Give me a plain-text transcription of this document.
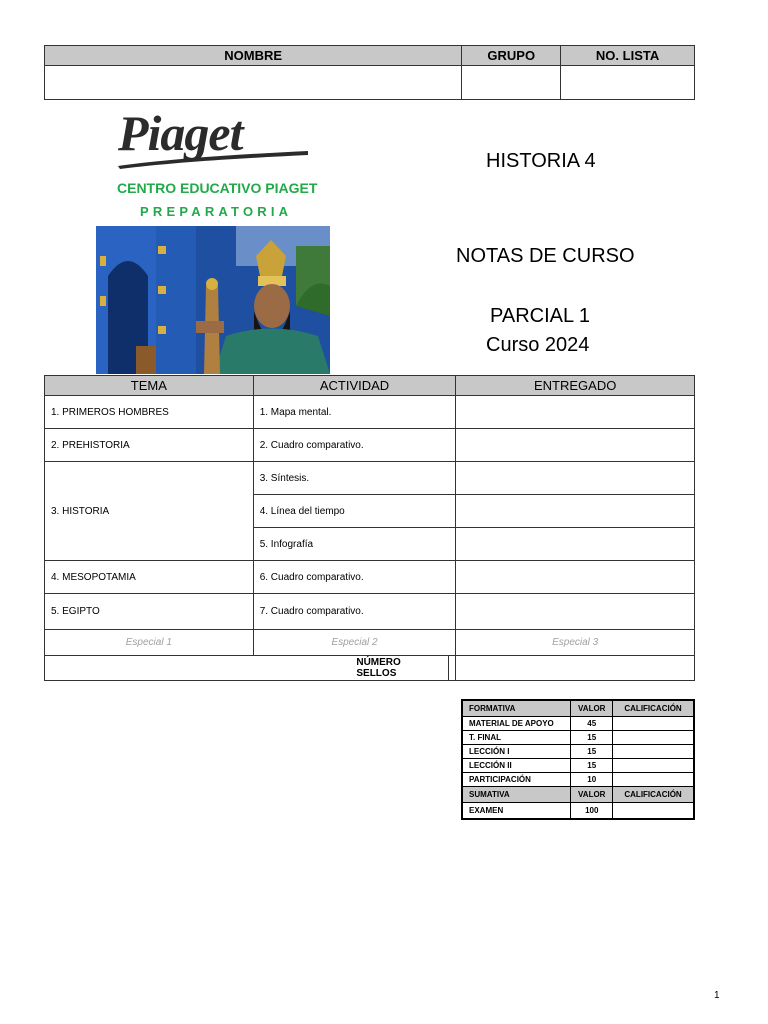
NOMBRE	GRUPO	NO. LISTA

Piaget
CENTRO EDUCATIVO PIAGET
PREPARATORIA
HISTORIA 4
NOTAS DE CURSO
PARCIAL 1
Curso 2024
TEMA	ACTIVIDAD	ENTREGADO
1. PRIMEROS HOMBRES	1. Mapa mental.	
2. PREHISTORIA	2. Cuadro comparativo.	
3. HISTORIA	3. Síntesis.	
	4. Línea del tiempo	
	5. Infografía	
4. MESOPOTAMIA	6. Cuadro comparativo.	
5. EGIPTO	7. Cuadro comparativo.	
Especial 1	Especial 2	Especial 3

NÚMERO SELLOS
FORMATIVA	VALOR	CALIFICACIÓN
MATERIAL DE APOYO	45	
T. FINAL	15	
LECCIÓN I	15	
LECCIÓN II	15	
PARTICIPACIÓN	10	
SUMATIVA	VALOR	CALIFICACIÓN
EXAMEN	100	
1
